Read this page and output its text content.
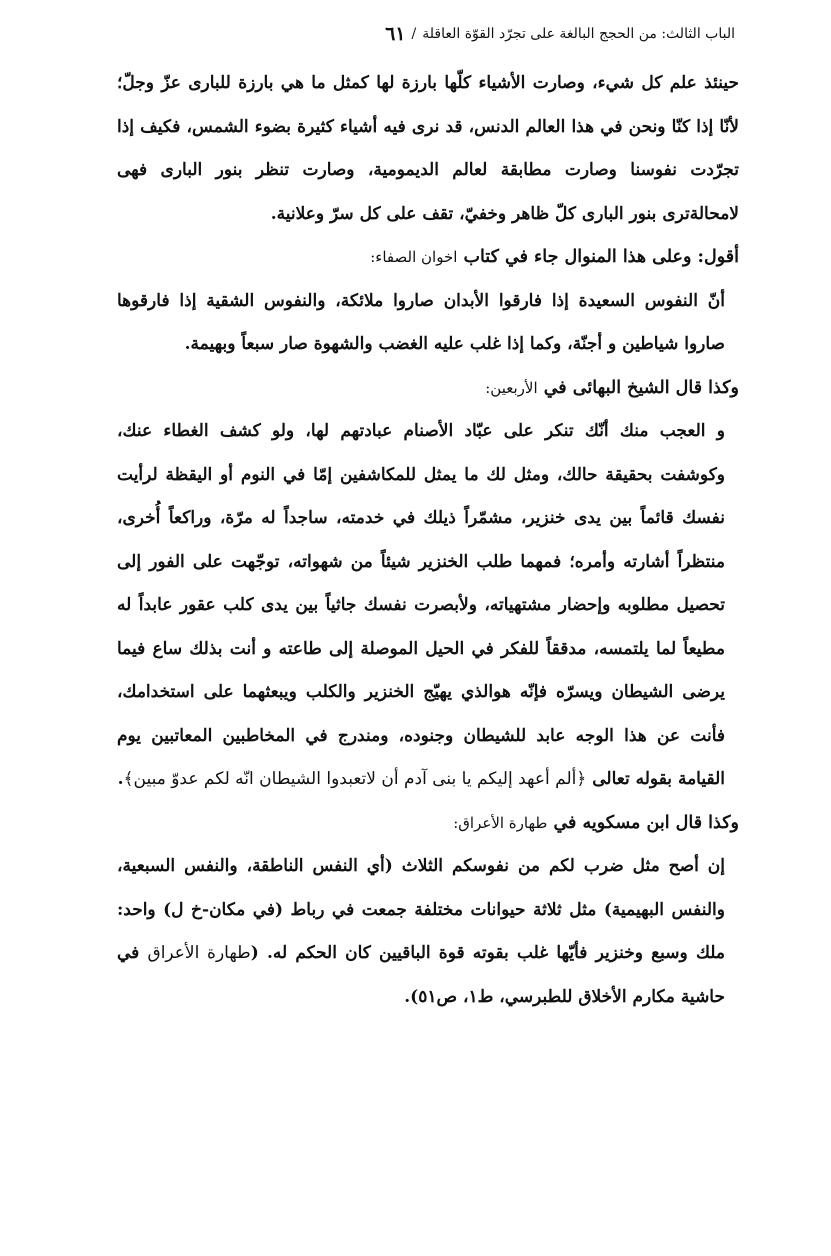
الباب الثالث: من الحجج البالغة على تجرّد القوّة العاقلة
/
٦١

حينئذ علم كل شيء، وصارت الأشياء كلّها بارزة لها كمثل ما هي بارزة للبارى عزّ وجلّ؛ لأنّا إذا كنّا ونحن في هذا العالم الدنس، قد نرى فيه أشياء كثيرة بضوء الشمس، فكيف إذا تجرّدت نفوسنا وصارت مطابقة لعالم الديمومية، وصارت تنظر بنور البارى فهى لامحالةترى بنور البارى كلّ ظاهر وخفيّ، تقف على كل سرّ وعلانية.

أقول: وعلى هذا المنوال جاء في كتاب اخوان الصفاء:

أنّ النفوس السعيدة إذا فارقوا الأبدان صاروا ملائكة، والنفوس الشقية إذا فارقوها صاروا شياطين و أجنّة، وكما إذا غلب عليه الغضب والشهوة صار سبعاً وبهيمة.

وكذا قال الشيخ البهائى في الأربعين:

و العجب منك أنّك تنكر على عبّاد الأصنام عبادتهم لها، ولو كشف الغطاء عنك، وكوشفت بحقيقة حالك، ومثل لك ما يمثل للمكاشفين إمّا في النوم أو اليقظة لرأيت نفسك قائماً بين يدى خنزير، مشمّراً ذيلك في خدمته، ساجداً له مرّة، وراكعاً أُخرى، منتظراً أشارته وأمره؛ فمهما طلب الخنزير شيئاً من شهواته، توجّهت على الفور إلى تحصيل مطلوبه وإحضار مشتهياته، ولأبصرت نفسك جاثياً بين يدى كلب عقور عابداً له مطيعاً لما يلتمسه، مدققاً للفكر في الحيل الموصلة إلى طاعته و أنت بذلك ساع فيما يرضى الشيطان ويسرّه فإنّه هوالذي يهيّج الخنزير والكلب ويبعثهما على استخدامك، فأنت عن هذا الوجه عابد للشيطان وجنوده، ومندرج في المخاطبين المعاتبين يوم القيامة بقوله تعالى ﴿ألم أعهد إليكم يا بنى آدم أن لاتعبدوا الشيطان انّه لكم عدوّ مبين﴾.

وكذا قال ابن مسكويه في طهارة الأعراق:

إن أصح مثل ضرب لكم من نفوسكم الثلاث (أي النفس الناطقة، والنفس السبعية، والنفس البهيمية) مثل ثلاثة حيوانات مختلفة جمعت في رباط (في مكان-خ ل) واحد: ملك وسبع وخنزير فأيّها غلب بقوته قوة الباقيين كان الحكم له. (طهارة الأعراق في حاشية مكارم الأخلاق للطبرسي، ط١، ص٥١).
